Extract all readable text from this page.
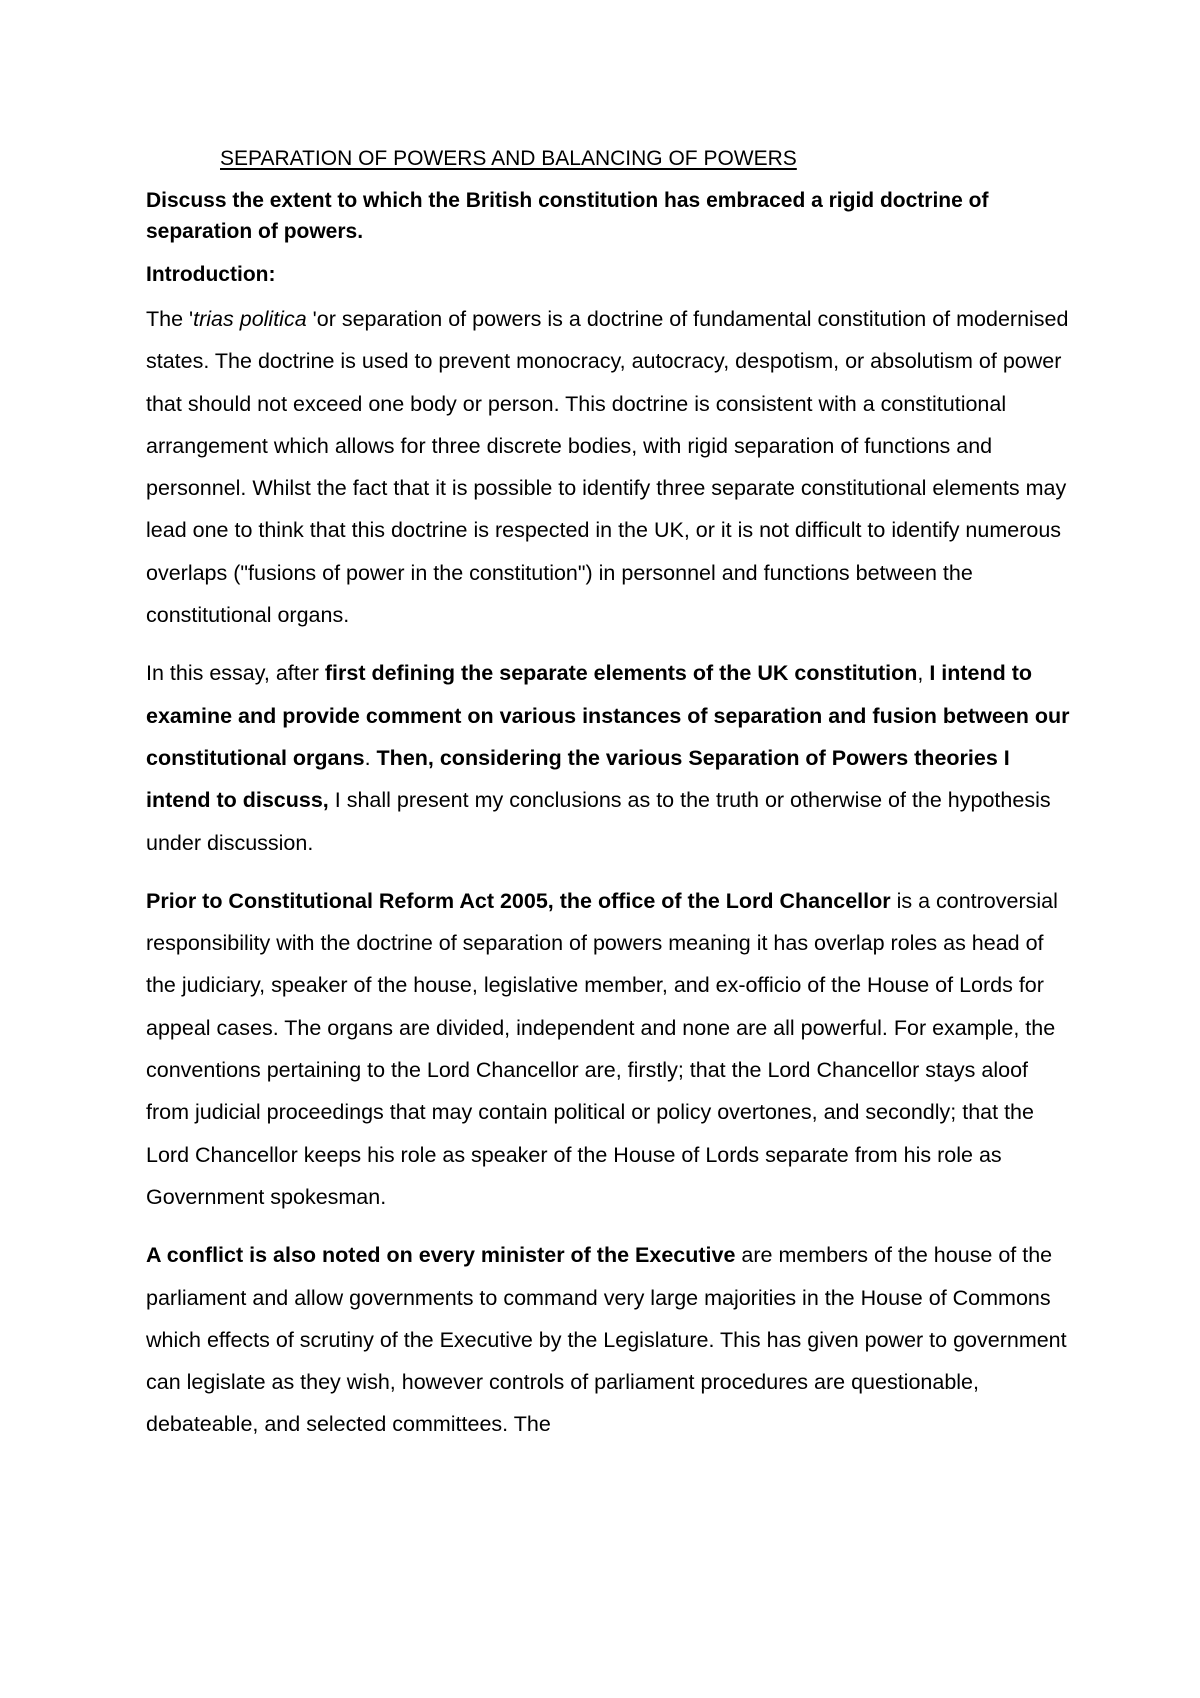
SEPARATION OF POWERS AND BALANCING OF POWERS

Discuss the extent to which the British constitution has embraced a rigid doctrine of separation of powers.

Introduction:

The 'trias politica 'or separation of powers is a doctrine of fundamental constitution of modernised states. The doctrine is used to prevent monocracy, autocracy, despotism, or absolutism of power that should not exceed one body or person. This doctrine is consistent with a constitutional arrangement which allows for three discrete bodies, with rigid separation of functions and personnel. Whilst the fact that it is possible to identify three separate constitutional elements may lead one to think that this doctrine is respected in the UK, or it is not difficult to identify numerous overlaps ("fusions of power in the constitution") in personnel and functions between the constitutional organs.

In this essay, after first defining the separate elements of the UK constitution, I intend to examine and provide comment on various instances of separation and fusion between our constitutional organs. Then, considering the various Separation of Powers theories I intend to discuss, I shall present my conclusions as to the truth or otherwise of the hypothesis under discussion.

Prior to Constitutional Reform Act 2005, the office of the Lord Chancellor is a controversial responsibility with the doctrine of separation of powers meaning it has overlap roles as head of the judiciary, speaker of the house, legislative member, and ex-officio of the House of Lords for appeal cases. The organs are divided, independent and none are all powerful. For example, the conventions pertaining to the Lord Chancellor are, firstly; that the Lord Chancellor stays aloof from judicial proceedings that may contain political or policy overtones, and secondly; that the Lord Chancellor keeps his role as speaker of the House of Lords separate from his role as Government spokesman.

A conflict is also noted on every minister of the Executive are members of the house of the parliament and allow governments to command very large majorities in the House of Commons which effects of scrutiny of the Executive by the Legislature. This has given power to government can legislate as they wish, however controls of parliament procedures are questionable, debateable, and selected committees. The
